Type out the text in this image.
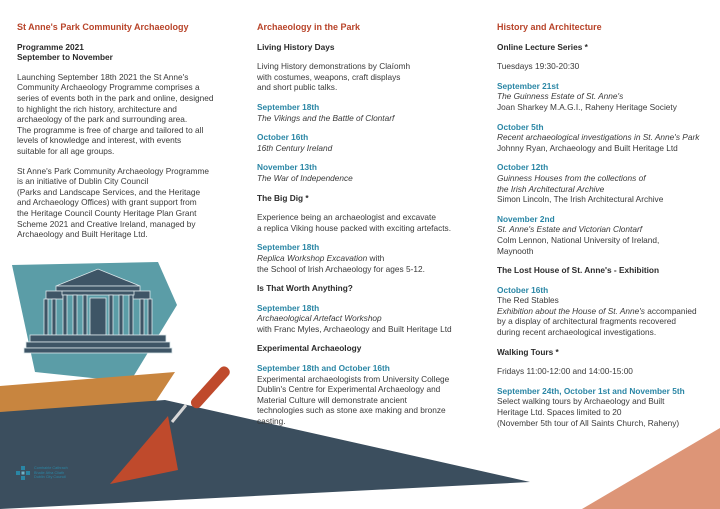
St Anne's Park Community Archaeology
Programme 2021
September to November
Launching September 18th 2021 the St Anne's
Community Archaeology Programme comprises a
series of events both in the park and online, designed
to highlight the rich history, architecture and
archaeology of the park and surrounding area.
The programme is free of charge and tailored to all
levels of knowledge and interest, with events
suitable for all age groups.
St Anne's Park Community Archaeology Programme
is an initiative of Dublin City Council
(Parks and Landscape Services, and the Heritage
and Archaeology Offices) with grant support from
the Heritage Council County Heritage Plan Grant
Scheme 2021 and Creative Ireland, managed by
Archaeology and Built Heritage Ltd.
Archaeology in the Park
Living History Days
Living History demonstrations by Claíomh
with costumes, weapons, craft displays
and short public talks.
September 18th
The Vikings and the Battle of Clontarf
October 16th
16th Century Ireland
November 13th
The War of Independence
The Big Dig *
Experience being an archaeologist and excavate
a replica Viking house packed with exciting artefacts.
September 18th
Replica Workshop Excavation with
the School of Irish Archaeology for ages 5-12.
Is That Worth Anything?
September 18th
Archaeological Artefact Workshop
with Franc Myles, Archaeology and Built Heritage Ltd
Experimental Archaeology
September 18th and October 16th
Experimental archaeologists from University College
Dublin's Centre for Experimental Archaeology and
Material Culture will demonstrate ancient
technologies such as stone axe making and bronze
casting.
History and Architecture
Online Lecture Series *
Tuesdays 19:30-20:30
September 21st
The Guinness Estate of St. Anne's
Joan Sharkey M.A.G.I., Raheny Heritage Society
October 5th
Recent archaeological investigations in St. Anne's Park
Johnny Ryan, Archaeology and Built Heritage Ltd
October 12th
Guinness Houses from the collections of
the Irish Architectural Archive
Simon Lincoln, The Irish Architectural Archive
November 2nd
St. Anne's Estate and Victorian Clontarf
Colm Lennon, National University of Ireland,
Maynooth
The Lost House of St. Anne's - Exhibition
October 16th
The Red Stables
Exhibition about the House of St. Anne's accompanied
by a display of architectural fragments recovered
during recent archaeological investigations.
Walking Tours *
Fridays 11:00-12:00 and 14:00-15:00
September 24th, October 1st and November 5th
Select walking tours by Archaeology and Built
Heritage Ltd. Spaces limited to 20
(November 5th tour of All Saints Church, Raheny)
Comhairle Cathrach
Bhaile Átha Cliath
Dublin City Council
